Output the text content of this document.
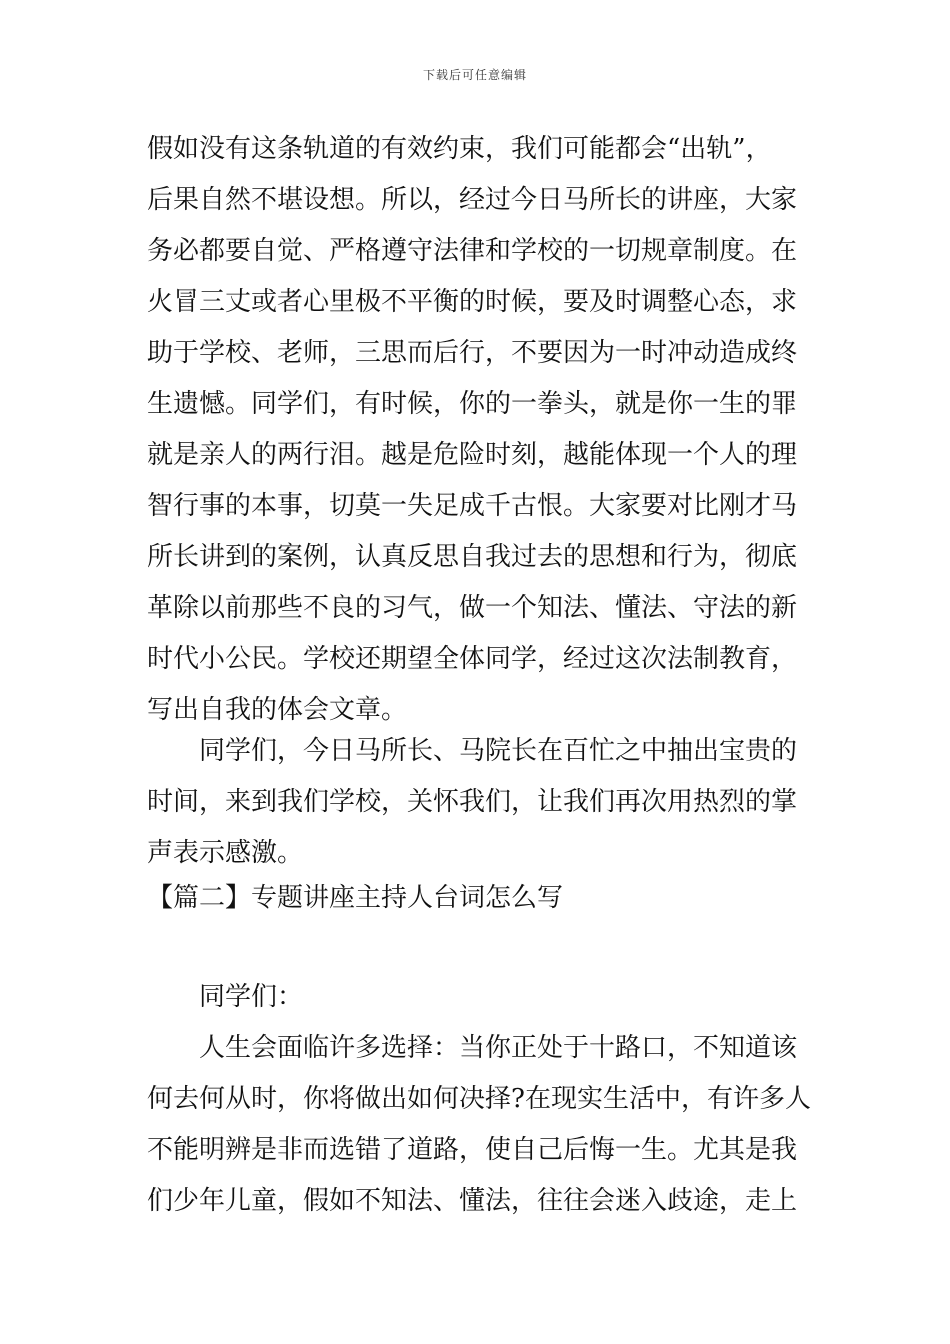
下载后可任意编辑
假如没有这条轨道的有效约束，我们可能都会“出轨”，
后果自然不堪设想。所以，经过今日马所长的讲座，大家
务必都要自觉、严格遵守法律和学校的一切规章制度。在
火冒三丈或者心里极不平衡的时候，要及时调整心态，求
助于学校、老师，三思而后行，不要因为一时冲动造成终
生遗憾。同学们，有时候，你的一拳头，就是你一生的罪
就是亲人的两行泪。越是危险时刻，越能体现一个人的理
智行事的本事，切莫一失足成千古恨。大家要对比刚才马
所长讲到的案例，认真反思自我过去的思想和行为，彻底
革除以前那些不良的习气，做一个知法、懂法、守法的新
时代小公民。学校还期望全体同学，经过这次法制教育，
写出自我的体会文章。
同学们，今日马所长、马院长在百忙之中抽出宝贵的
时间，来到我们学校，关怀我们，让我们再次用热烈的掌
声表示感激。
【篇二】专题讲座主持人台词怎么写
同学们：
人生会面临许多选择：当你正处于十路口，不知道该
何去何从时，你将做出如何决择?在现实生活中，有许多人
不能明辨是非而选错了道路，使自己后悔一生。尤其是我
们少年儿童，假如不知法、懂法，往往会迷入歧途，走上
